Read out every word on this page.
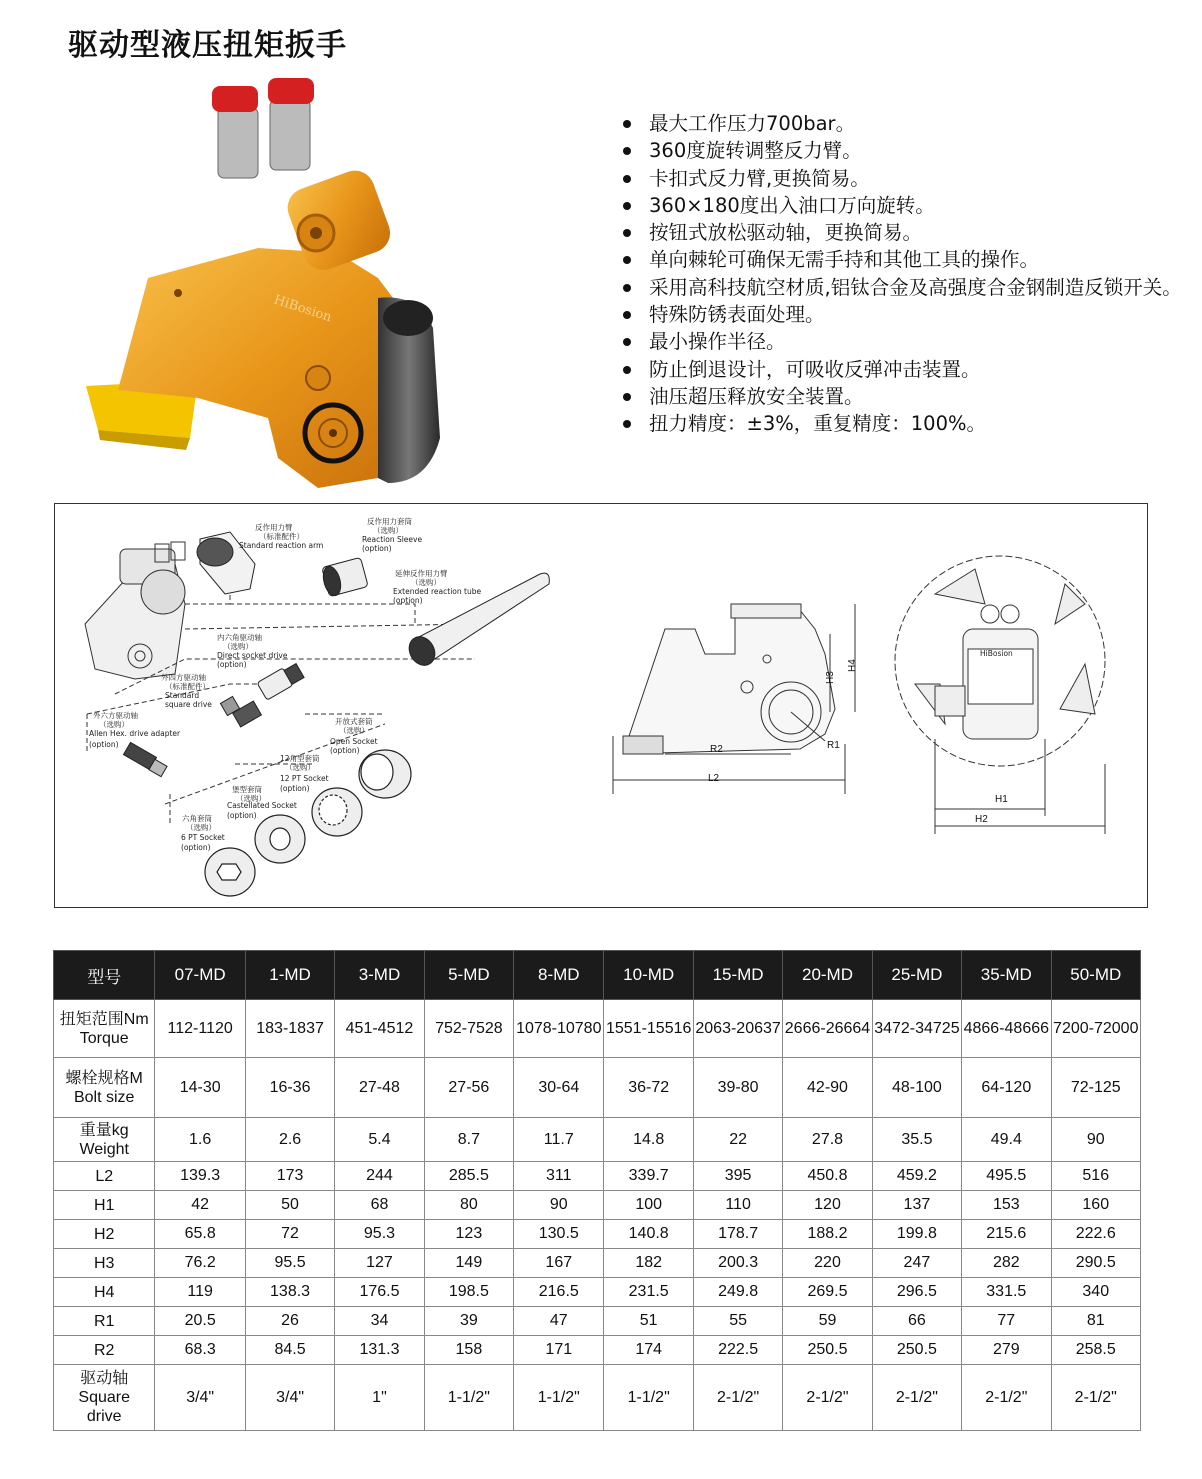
驱动型液压扭矩扳手
HiBosion
最大工作压力700bar。
360度旋转调整反力臂。
卡扣式反力臂,更换简易。
360×180度出入油口万向旋转。
按钮式放松驱动轴，更换简易。
单向棘轮可确保无需手持和其他工具的操作。
采用高科技航空材质,铝钛合金及高强度合金钢制造反锁开关。
特殊防锈表面处理。
最小操作半径。
防止倒退设计，可吸收反弹冲击装置。
油压超压释放安全装置。
扭力精度：±3%，重复精度：100%。
反作用力臂
（标准配件）
Standard reaction arm
反作用力套筒
（选购）
Reaction Sleeve
(option)
延伸反作用力臂
（选购）
Extended reaction tube
(option)
内六角驱动轴
（选购）
Direct socket drive
(option)
外四方驱动轴
（标准配件）
Standard
square drive
外六方驱动轴
（选购）
Allen Hex. drive adapter
(option)
开放式套筒
（选购）
Open Socket
(option)
12角型套筒
（选购）
12 PT Socket
(option)
堡型套筒
（选购）
Castellated Socket
(option)
六角套筒
（选购）
6 PT Socket
(option)
R2
L2
R1
H3
H4
HiBosion
H1
H2
型号	07-MD	1-MD	3-MD	5-MD	8-MD	10-MD	15-MD	20-MD	25-MD	35-MD	50-MD

扭矩范围Nm
Torque	112-1120	183-1837	451-4512	752-7528	1078-10780	1551-15516	2063-20637	2666-26664	3472-34725	4866-48666	7200-72000

螺栓规格M
Bolt size	14-30	16-36	27-48	27-56	30-64	36-72	39-80	42-90	48-100	64-120	72-125

重量kg
Weight	1.6	2.6	5.4	8.7	11.7	14.8	22	27.8	35.5	49.4	90

L2	139.3	173	244	285.5	311	339.7	395	450.8	459.2	495.5	516

H1	42	50	68	80	90	100	110	120	137	153	160

H2	65.8	72	95.3	123	130.5	140.8	178.7	188.2	199.8	215.6	222.6

H3	76.2	95.5	127	149	167	182	200.3	220	247	282	290.5

H4	119	138.3	176.5	198.5	216.5	231.5	249.8	269.5	296.5	331.5	340

R1	20.5	26	34	39	47	51	55	59	66	77	81

R2	68.3	84.5	131.3	158	171	174	222.5	250.5	250.5	279	258.5

驱动轴
Square
drive	3/4"	3/4"	1"	1-1/2"	1-1/2"	1-1/2"	2-1/2"	2-1/2"	2-1/2"	2-1/2"	2-1/2"
